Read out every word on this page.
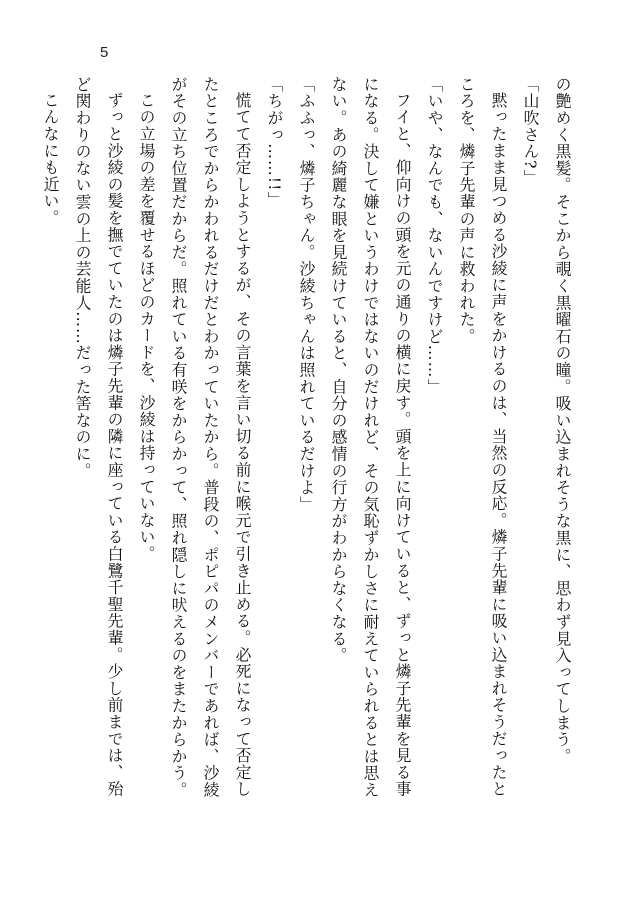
5
の艶めく黒髪。そこから覗く黒曜石の瞳。吸い込まれそうな黒に、思わず見入ってしまう。
「山吹さん?」
黙ったまま見つめる沙綾に声をかけるのは、当然の反応。燐子先輩に吸い込まれそうだったと
ころを、燐子先輩の声に救われた。
「いや、なんでも、ないんですけど……」
フイと、仰向けの頭を元の通りの横に戻す。頭を上に向けていると、ずっと燐子先輩を見る事
になる。決して嫌というわけではないのだけれど、その気恥ずかしさに耐えていられるとは思え
ない。あの綺麗な眼を見続けていると、自分の感情の行方がわからなくなる。
「ふふっ、燐子ちゃん。沙綾ちゃんは照れているだけよ」
「ちがっ……!!」
慌てて否定しようとするが、その言葉を言い切る前に喉元で引き止める。必死になって否定し
たところでからかわれるだけだとわかっていたから。普段の、ポピパのメンバーであれば、沙綾
がその立ち位置だからだ。照れている有咲をからかって、照れ隠しに吠えるのをまたからかう。
この立場の差を覆せるほどのカードを、沙綾は持っていない。
ずっと沙綾の髪を撫でていたのは燐子先輩の隣に座っている白鷺千聖先輩。少し前までは、殆
ど関わりのない雲の上の芸能人……だった筈なのに。
こんなにも近い。
